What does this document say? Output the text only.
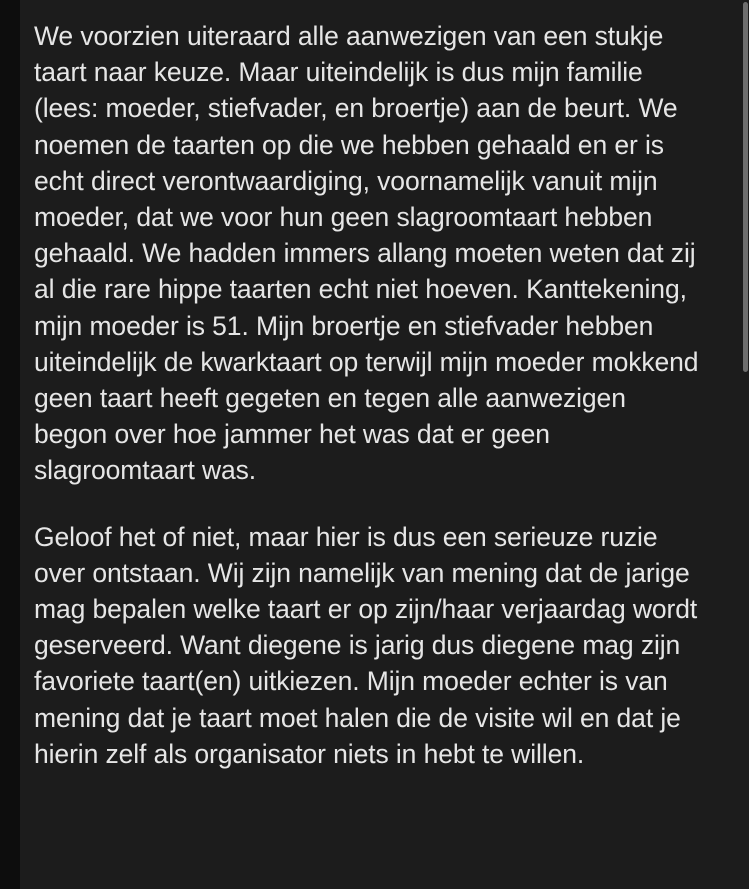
We voorzien uiteraard alle aanwezigen van een stukje taart naar keuze. Maar uiteindelijk is dus mijn familie (lees: moeder, stiefvader, en broertje) aan de beurt. We noemen de taarten op die we hebben gehaald en er is echt direct verontwaardiging, voornamelijk vanuit mijn moeder, dat we voor hun geen slagroomtaart hebben gehaald. We hadden immers allang moeten weten dat zij al die rare hippe taarten echt niet hoeven. Kanttekening, mijn moeder is 51. Mijn broertje en stiefvader hebben uiteindelijk de kwarktaart op terwijl mijn moeder mokkend geen taart heeft gegeten en tegen alle aanwezigen begon over hoe jammer het was dat er geen slagroomtaart was.

Geloof het of niet, maar hier is dus een serieuze ruzie over ontstaan. Wij zijn namelijk van mening dat de jarige mag bepalen welke taart er op zijn/haar verjaardag wordt geserveerd. Want diegene is jarig dus diegene mag zijn favoriete taart(en) uitkiezen. Mijn moeder echter is van mening dat je taart moet halen die de visite wil en dat je hierin zelf als organisator niets in hebt te willen.
